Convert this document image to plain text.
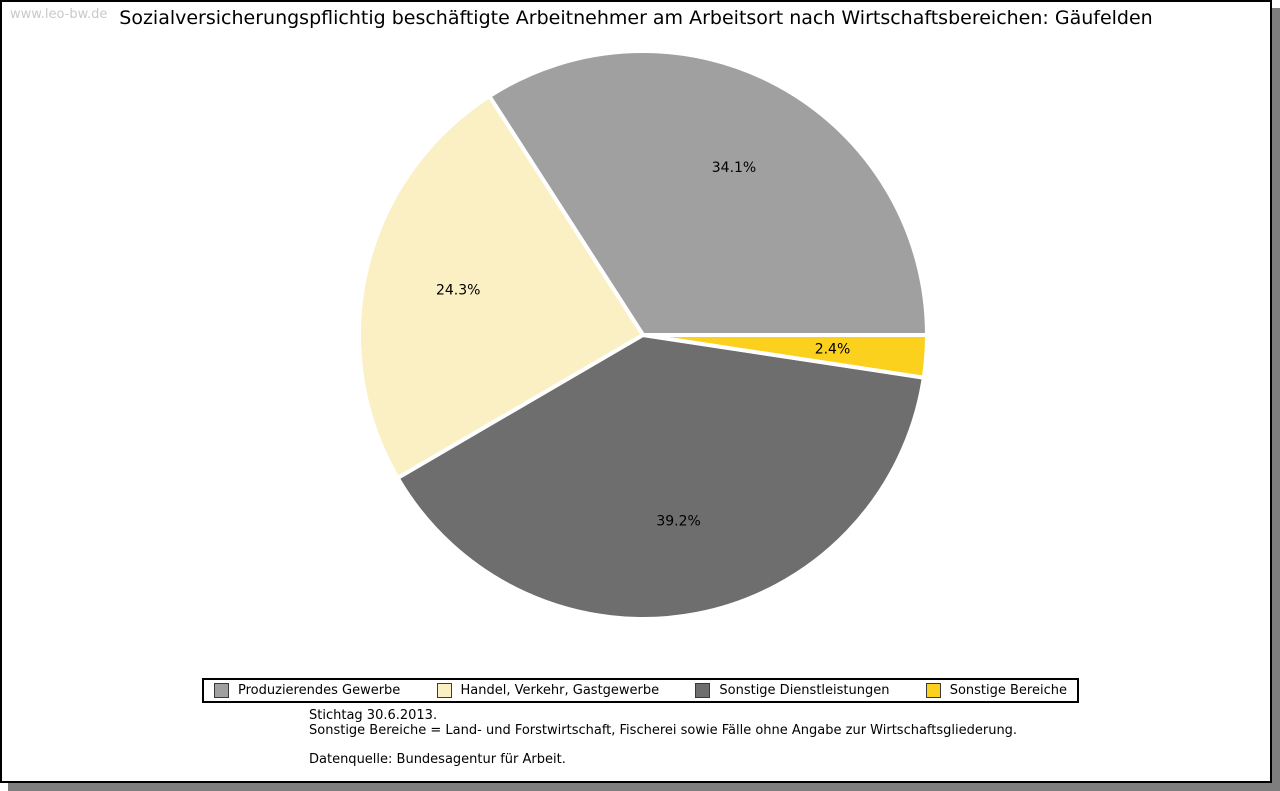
www.leo-bw.de Sozialversicherungspflichtig beschäftigte Arbeitnehmer am Arbeitsort nach Wirtschaftsbereichen: Gäufelden
34.1%
24.3%
39.2%
2.4%
Produzierendes Gewerbe	Handel, Verkehr, Gastgewerbe	Sonstige Dienstleistungen	Sonstige Bereiche
Stichtag 30.6.2013.
Sonstige Bereiche = Land- und Forstwirtschaft, Fischerei sowie Fälle ohne Angabe zur Wirtschaftsgliederung.
Datenquelle: Bundesagentur für Arbeit.
